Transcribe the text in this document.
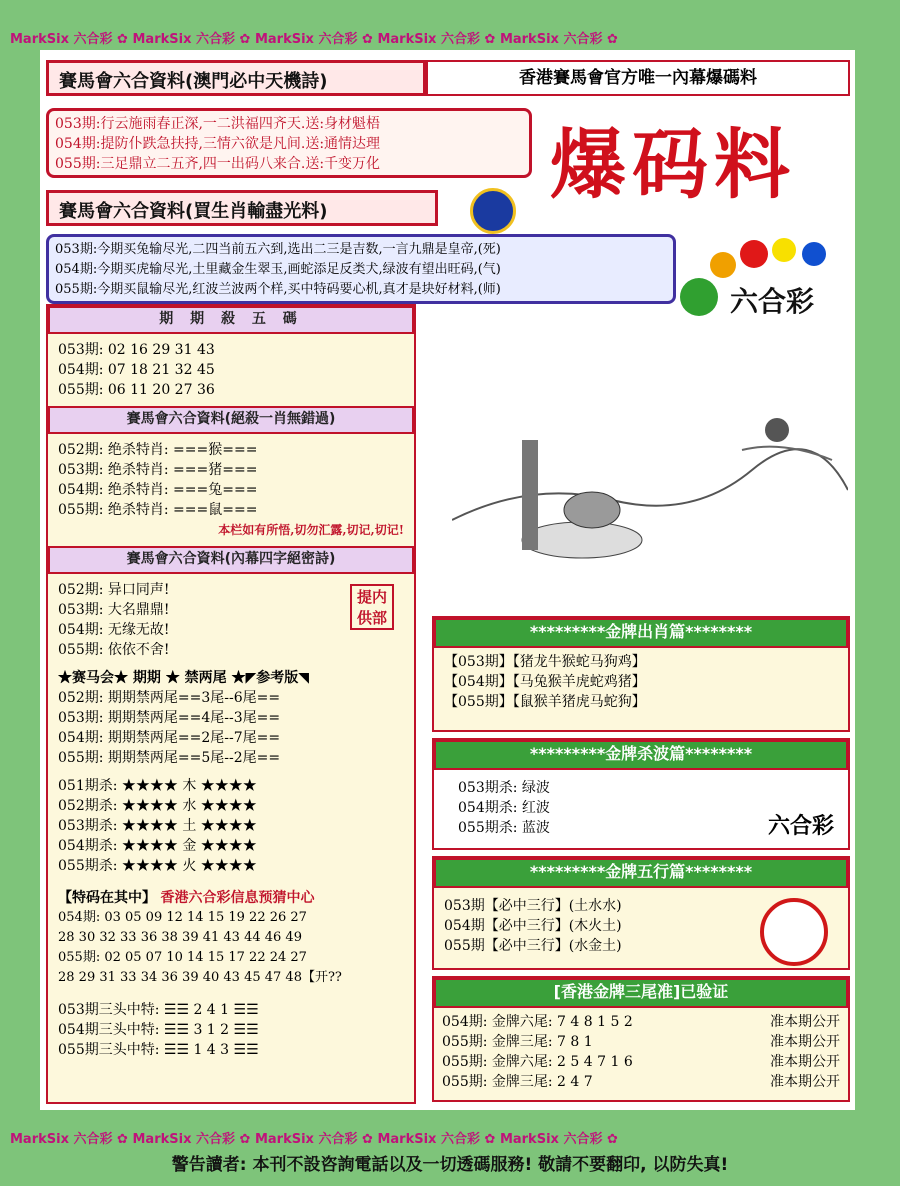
MarkSix 六合彩 ✿ MarkSix 六合彩 ✿ MarkSix 六合彩 ✿ MarkSix 六合彩 ✿ MarkSix 六合彩 ✿
MarkSix 六合彩 ✿ MarkSix 六合彩 ✿ MarkSix 六合彩 ✿ MarkSix 六合彩 ✿ MarkSix 六合彩 ✿
賽馬會六合資料(澳門必中天機詩)	香港賽馬會官方唯一內幕爆碼料
053期:行云施雨春正深,一二洪福四齐天.送:身材魁梧
054期:提防仆跌急扶持,三情六欲是凡间.送:通情达理
055期:三足鼎立二五齐,四一出码八来合.送:千变万化	爆码料
賽馬會六合資料(買生肖輸盡光料)
053期:今期买兔输尽光,二四当前五六到,选出二三是吉数,一言九鼎是皇帝,(死)
054期:今期买虎输尽光,土里藏金生翠玉,画蛇添足反类犬,绿波有望出旺码,(气)
055期:今期买鼠输尽光,红波兰波两个样,买中特码要心机,真才是块好材料,(师)	六合彩
期 期 殺 五 碼
053期: 02 16 29 31 43
054期: 07 18 21 32 45
055期: 06 11 20 27 36
賽馬會六合資料(絕殺一肖無錯過)
052期: 绝杀特肖: ===猴===
053期: 绝杀特肖: ===猪===
054期: 绝杀特肖: ===兔===
055期: 绝杀特肖: ===鼠===
本栏如有所悟,切勿汇露,切记,切记!
賽馬會六合資料(內幕四字絕密詩)
052期: 异口同声!
053期: 大名鼎鼎!
054期: 无缘无故!
055期: 依依不舍!
提内供部
★赛马会★ 期期 ★ 禁两尾 ★◤参考版◥
052期: 期期禁两尾==3尾--6尾==
053期: 期期禁两尾==4尾--3尾==
054期: 期期禁两尾==2尾--7尾==
055期: 期期禁两尾==5尾--2尾==
051期杀: ★★★★ 木 ★★★★
052期杀: ★★★★ 水 ★★★★
053期杀: ★★★★ 土 ★★★★
054期杀: ★★★★ 金 ★★★★
055期杀: ★★★★ 火 ★★★★
【特码在其中】 香港六合彩信息预猜中心
054期: 03 05 09 12 14 15 19 22 26 27
28 30 32 33 36 38 39 41 43 44 46 49
055期: 02 05 07 10 14 15 17 22 24 27
28 29 31 33 34 36 39 40 43 45 47 48【开??
053期三头中特: ☰☰ 2 4 1 ☰☰
054期三头中特: ☰☰ 3 1 2 ☰☰
055期三头中特: ☰☰ 1 4 3 ☰☰
*********金牌出肖篇********
【053期】【猪龙牛猴蛇马狗鸡】
【054期】【马兔猴羊虎蛇鸡猪】
【055期】【鼠猴羊猪虎马蛇狗】
*********金牌杀波篇********
053期杀: 绿波
054期杀: 红波
055期杀: 蓝波	六合彩
*********金牌五行篇********
053期【必中三行】(土水水)
054期【必中三行】(木火土)
055期【必中三行】(水金土)
[香港金牌三尾准]已验证
054期: 金牌六尾: 7 4 8 1 5 2	准本期公开
055期: 金牌三尾: 7 8 1	准本期公开
055期: 金牌六尾: 2 5 4 7 1 6	准本期公开
055期: 金牌三尾: 2 4 7	准本期公开
警告讀者: 本刊不設咨詢電話以及一切透碼服務! 敬請不要翻印, 以防失真!
